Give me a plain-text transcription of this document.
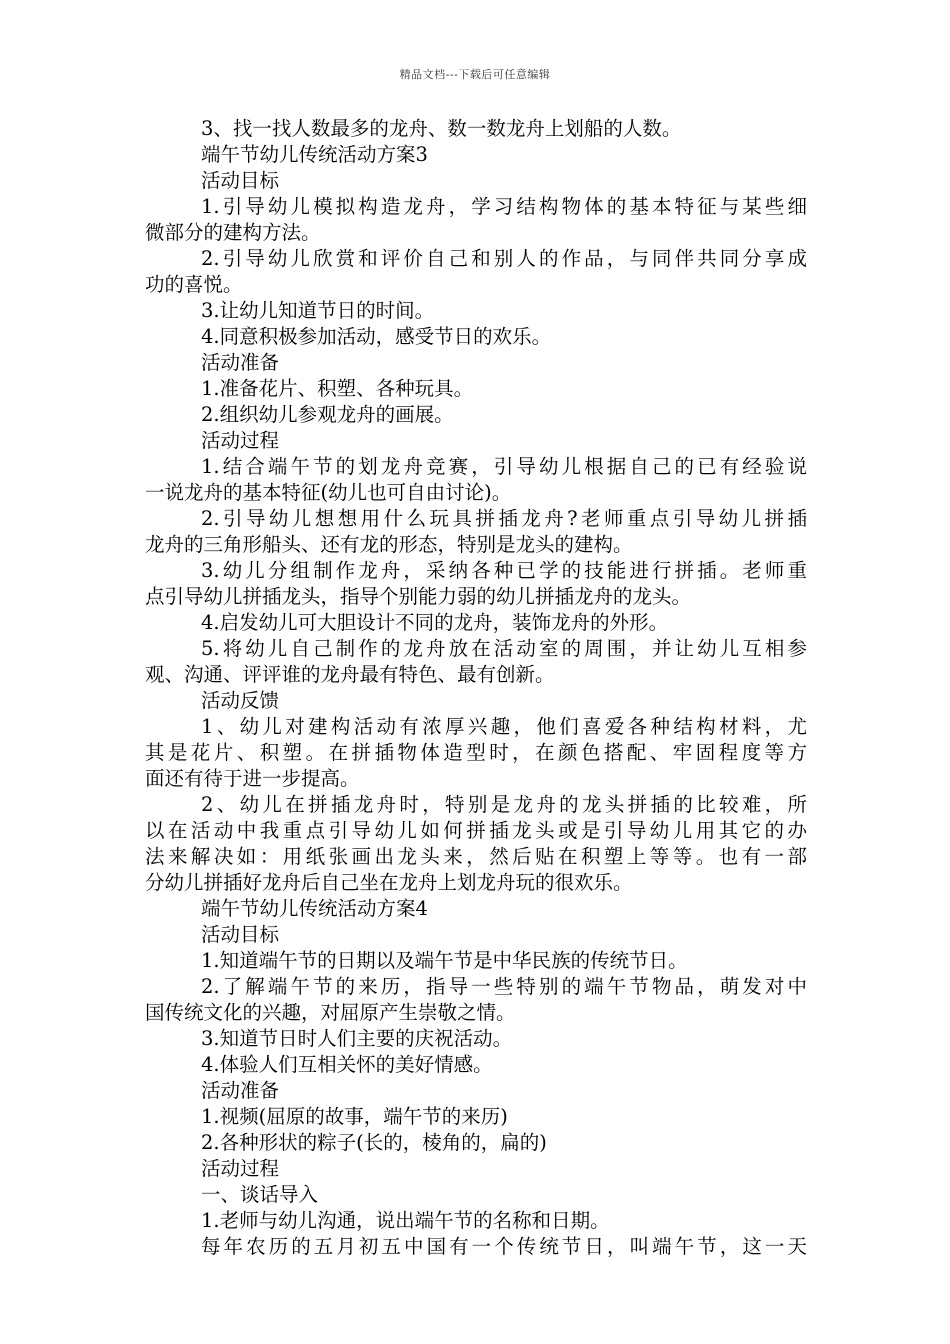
精品文档---下载后可任意编辑
3、找一找人数最多的龙舟、数一数龙舟上划船的人数。
端午节幼儿传统活动方案3
活动目标
1.引导幼儿模拟构造龙舟，学习结构物体的基本特征与某些细
微部分的建构方法。
2.引导幼儿欣赏和评价自己和别人的作品，与同伴共同分享成
功的喜悦。
3.让幼儿知道节日的时间。
4.同意积极参加活动，感受节日的欢乐。
活动准备
1.准备花片、积塑、各种玩具。
2.组织幼儿参观龙舟的画展。
活动过程
1.结合端午节的划龙舟竞赛，引导幼儿根据自己的已有经验说
一说龙舟的基本特征(幼儿也可自由讨论)。
2.引导幼儿想想用什么玩具拼插龙舟?老师重点引导幼儿拼插
龙舟的三角形船头、还有龙的形态，特别是龙头的建构。
3.幼儿分组制作龙舟，采纳各种已学的技能进行拼插。老师重
点引导幼儿拼插龙头，指导个别能力弱的幼儿拼插龙舟的龙头。
4.启发幼儿可大胆设计不同的龙舟，装饰龙舟的外形。
5.将幼儿自己制作的龙舟放在活动室的周围，并让幼儿互相参
观、沟通、评评谁的龙舟最有特色、最有创新。
活动反馈
1、幼儿对建构活动有浓厚兴趣，他们喜爱各种结构材料，尤
其是花片、积塑。在拼插物体造型时，在颜色搭配、牢固程度等方
面还有待于进一步提高。
2、幼儿在拼插龙舟时，特别是龙舟的龙头拼插的比较难，所
以在活动中我重点引导幼儿如何拼插龙头或是引导幼儿用其它的办
法来解决如：用纸张画出龙头来，然后贴在积塑上等等。也有一部
分幼儿拼插好龙舟后自己坐在龙舟上划龙舟玩的很欢乐。
端午节幼儿传统活动方案4
活动目标
1.知道端午节的日期以及端午节是中华民族的传统节日。
2.了解端午节的来历，指导一些特别的端午节物品，萌发对中
国传统文化的兴趣，对屈原产生崇敬之情。
3.知道节日时人们主要的庆祝活动。
4.体验人们互相关怀的美好情感。
活动准备
1.视频(屈原的故事，端午节的来历)
2.各种形状的粽子(长的，棱角的，扁的)
活动过程
一、谈话导入
1.老师与幼儿沟通，说出端午节的名称和日期。
每年农历的五月初五中国有一个传统节日，叫端午节，这一天
